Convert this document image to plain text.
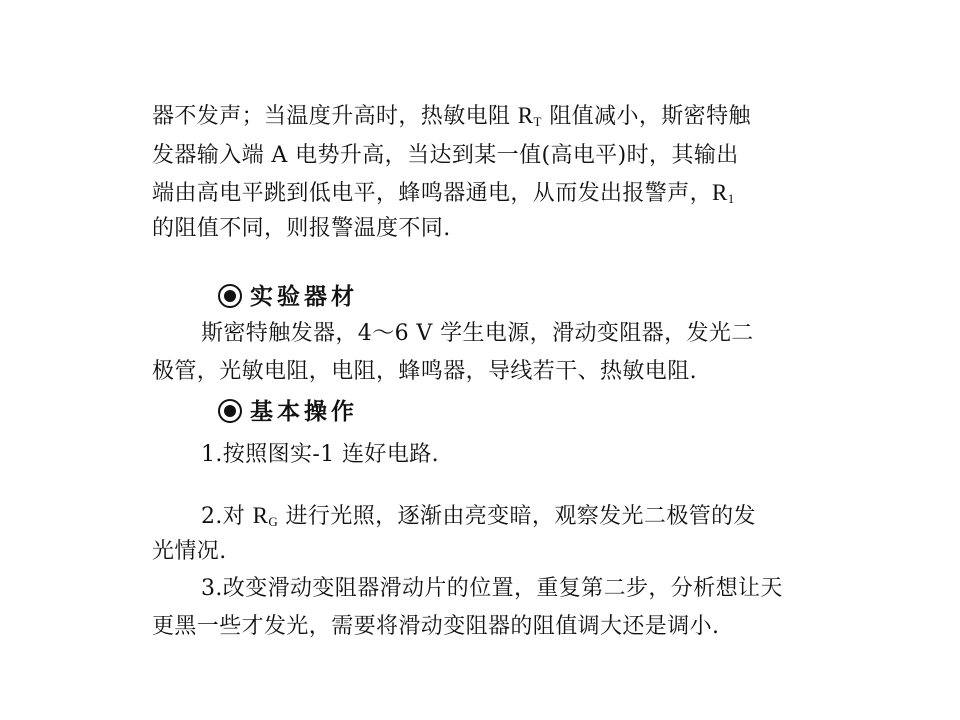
器不发声；当温度升高时，热敏电阻 $R_T$ 阻值减小，斯密特触
发器输入端 A 电势升高，当达到某一值(高电平)时，其输出
端由高电平跳到低电平，蜂鸣器通电，从而发出报警声，$R_1$
的阻值不同，则报警温度不同.
实验器材
斯密特触发器，4～6 V 学生电源，滑动变阻器，发光二
极管，光敏电阻，电阻，蜂鸣器，导线若干、热敏电阻.
基本操作
1.按照图实-1 连好电路.
2.对 $R_G$ 进行光照，逐渐由亮变暗，观察发光二极管的发
光情况.
3.改变滑动变阻器滑动片的位置，重复第二步，分析想让天
更黑一些才发光，需要将滑动变阻器的阻值调大还是调小.
